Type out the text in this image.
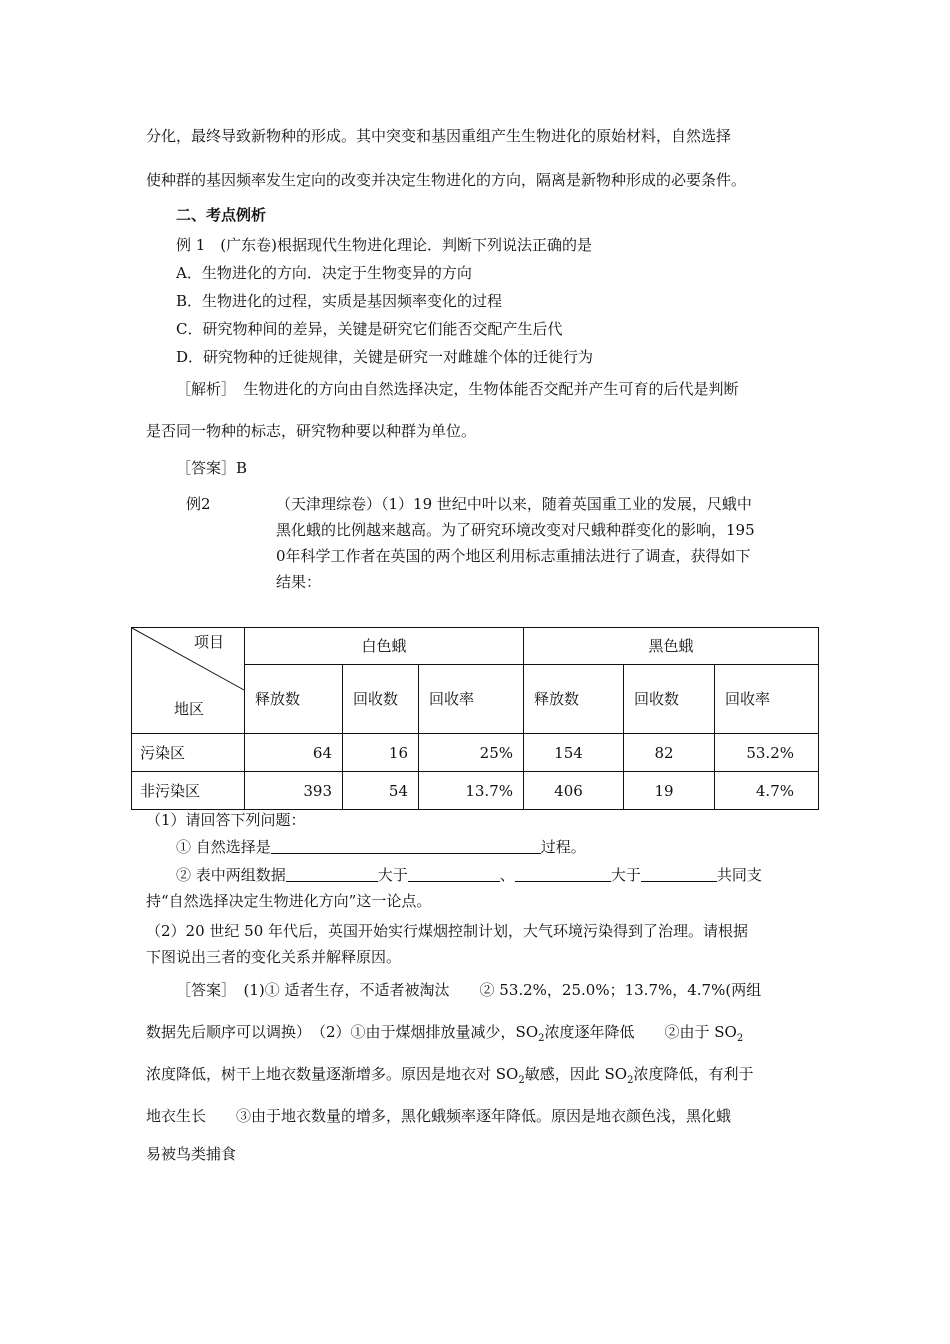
分化，最终导致新物种的形成。其中突变和基因重组产生生物进化的原始材料，自然选择
使种群的基因频率发生定向的改变并决定生物进化的方向，隔离是新物种形成的必要条件。
二、考点例析
例 1　(广东卷)根据现代生物进化理论．判断下列说法正确的是
A．生物进化的方向．决定于生物变异的方向
B．生物进化的过程，实质是基因频率变化的过程
C．研究物种间的差异，关键是研究它们能否交配产生后代
D．研究物种的迁徙规律，关键是研究一对雌雄个体的迁徙行为
［解析］　生物进化的方向由自然选择决定，生物体能否交配并产生可育的后代是判断
是否同一物种的标志，研究物种要以种群为单位。
［答案］B
例2	（天津理综卷）（1）19 世纪中叶以来，随着英国重工业的发展，尺蛾中
黑化蛾的比例越来越高。为了研究环境改变对尺蛾种群变化的影响，195
0年科学工作者在英国的两个地区利用标志重捕法进行了调查，获得如下
结果：
项目
地区	白色蛾			黑色蛾		
	释放数	回收数	回收率	释放数	回收数	回收率
污染区	64	16	25%	154	82	53.2%
非污染区	393	54	13.7%	406	19	4.7%
（1）请回答下列问题：
① 自然选择是	过程。
② 表中两组数据	大于	、	大于	共同支
持“自然选择决定生物进化方向”这一论点。
（2）20 世纪 50 年代后，英国开始实行煤烟控制计划，大气环境污染得到了治理。请根据
下图说出三者的变化关系并解释原因。
［答案］　(1)① 适者生存，不适者被淘汰　　② 53.2%，25.0%；13.7%，4.7%(两组
数据先后顺序可以调换）　（2）①由于煤烟排放量减少，$SO_2$浓度逐年降低　　②由于 $SO_2$
浓度降低，树干上地衣数量逐渐增多。原因是地衣对 $SO_2$敏感，因此 $SO_2$浓度降低，有利于
地衣生长　　③由于地衣数量的增多，黑化蛾频率逐年降低。原因是地衣颜色浅，黑化蛾
易被鸟类捕食
